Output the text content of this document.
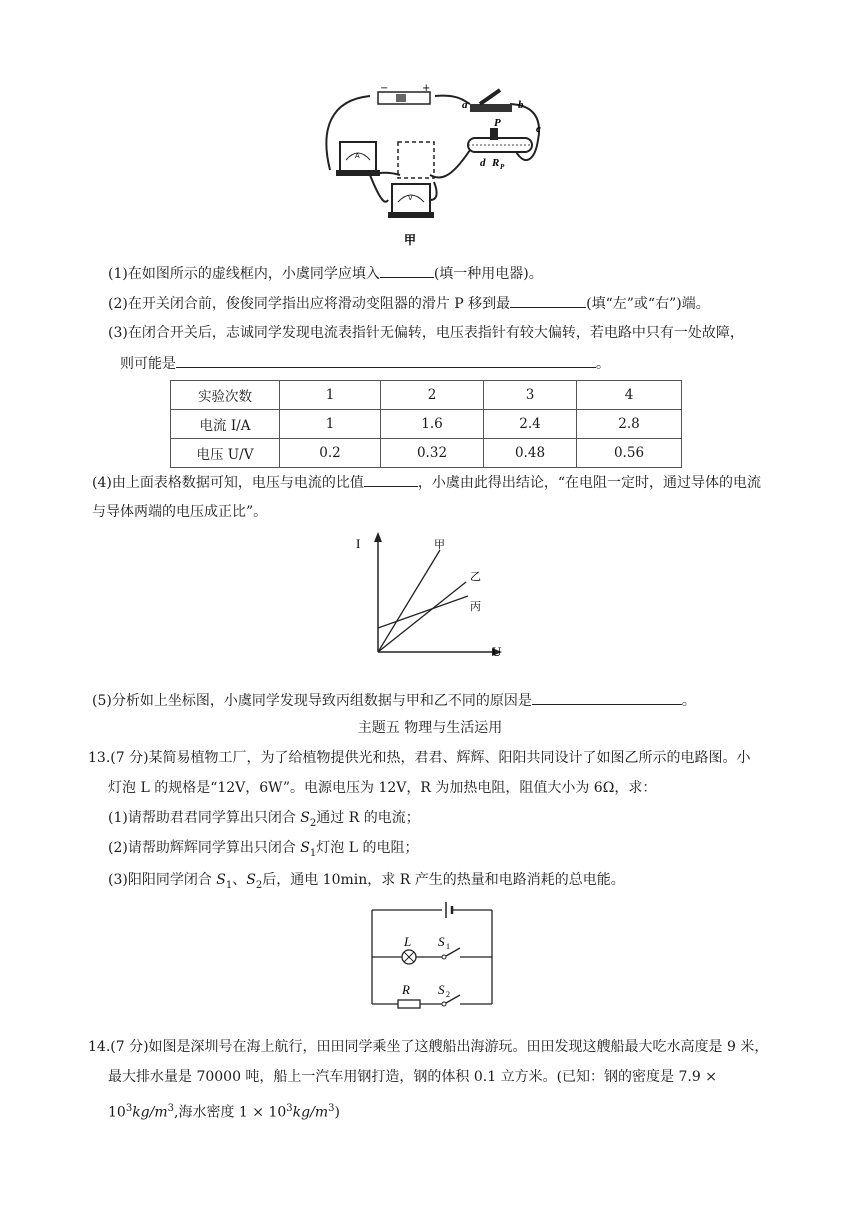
a	b
c
d
P
R P
A
V
−	+
甲
(1)在如图所示的虚线框内，小虞同学应填入	(填一种用电器)。
(2)在开关闭合前，俊俊同学指出应将滑动变阻器的滑片 P 移到最	(填“左”或“右”)端。
(3)在闭合开关后，志诚同学发现电流表指针无偏转，电压表指针有较大偏转，若电路中只有一处故障，
则可能是	。
实验次数	1	2	3	4
电流 I/A	1	1.6	2.4	2.8
电压 U/V	0.2	0.32	0.48	0.56
(4)由上面表格数据可知，电压与电流的比值	，小虞由此得出结论，“在电阻一定时，通过导体的电流
与导体两端的电压成正比”。
I
U
甲
乙
丙
(5)分析如上坐标图，小虞同学发现导致丙组数据与甲和乙不同的原因是	。
主题五 物理与生活运用
13.(7 分)某简易植物工厂，为了给植物提供光和热，君君、辉辉、阳阳共同设计了如图乙所示的电路图。小
灯泡 L 的规格是“12V，6W”。电源电压为 12V，R 为加热电阻，阻值大小为 6Ω，求：
(1)请帮助君君同学算出只闭合 $S_2$通过 R 的电流；
(2)请帮助辉辉同学算出只闭合 $S_1$灯泡 L 的电阻；
(3)阳阳同学闭合 $S_1$、$S_2$后，通电 10min，求 R 产生的热量和电路消耗的总电能。
L S 1
R S 2
14.(7 分)如图是深圳号在海上航行，田田同学乘坐了这艘船出海游玩。田田发现这艘船最大吃水高度是 9 米，
最大排水量是 70000 吨，船上一汽车用钢打造，钢的体积 0.1 立方米。(已知：钢的密度是 7.9 ×
$10^3kg/m^3$,海水密度 $1 \times 10^3kg/m^3$)
